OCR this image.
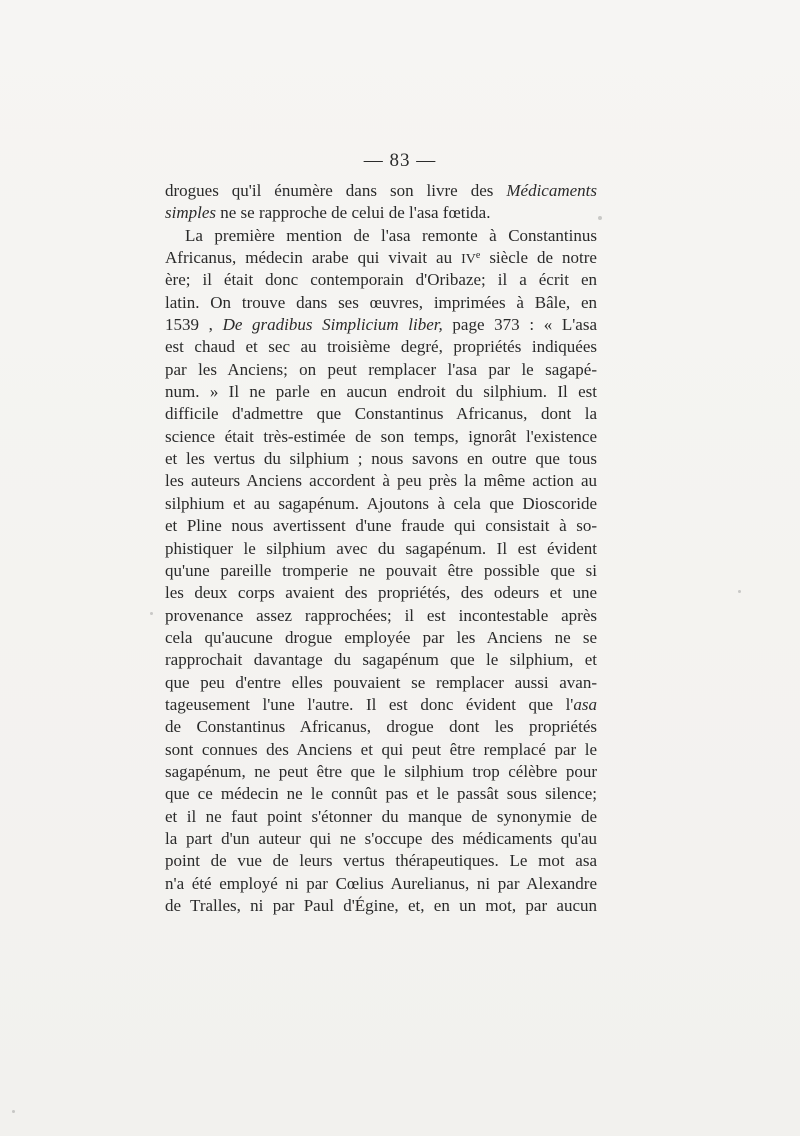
— 83 —
drogues qu'il énumère dans son livre des Médicaments
simples ne se rapproche de celui de l'asa fœtida.
La première mention de l'asa remonte à Constantinus
Africanus, médecin arabe qui vivait au IVe siècle de notre
ère; il était donc contemporain d'Oribaze; il a écrit en
latin. On trouve dans ses œuvres, imprimées à Bâle, en
1539 , De gradibus Simplicium liber, page 373 : « L'asa
est chaud et sec au troisième degré, propriétés indiquées
par les Anciens; on peut remplacer l'asa par le sagapé-
num. » Il ne parle en aucun endroit du silphium. Il est
difficile d'admettre que Constantinus Africanus, dont la
science était très-estimée de son temps, ignorât l'existence
et les vertus du silphium ; nous savons en outre que tous
les auteurs Anciens accordent à peu près la même action au
silphium et au sagapénum. Ajoutons à cela que Dioscoride
et Pline nous avertissent d'une fraude qui consistait à so-
phistiquer le silphium avec du sagapénum. Il est évident
qu'une pareille tromperie ne pouvait être possible que si
les deux corps avaient des propriétés, des odeurs et une
provenance assez rapprochées; il est incontestable après
cela qu'aucune drogue employée par les Anciens ne se
rapprochait davantage du sagapénum que le silphium, et
que peu d'entre elles pouvaient se remplacer aussi avan-
tageusement l'une l'autre. Il est donc évident que l'asa
de Constantinus Africanus, drogue dont les propriétés
sont connues des Anciens et qui peut être remplacé par le
sagapénum, ne peut être que le silphium trop célèbre pour
que ce médecin ne le connût pas et le passât sous silence;
et il ne faut point s'étonner du manque de synonymie de
la part d'un auteur qui ne s'occupe des médicaments qu'au
point de vue de leurs vertus thérapeutiques. Le mot asa
n'a été employé ni par Cœlius Aurelianus, ni par Alexandre
de Tralles, ni par Paul d'Égine, et, en un mot, par aucun
